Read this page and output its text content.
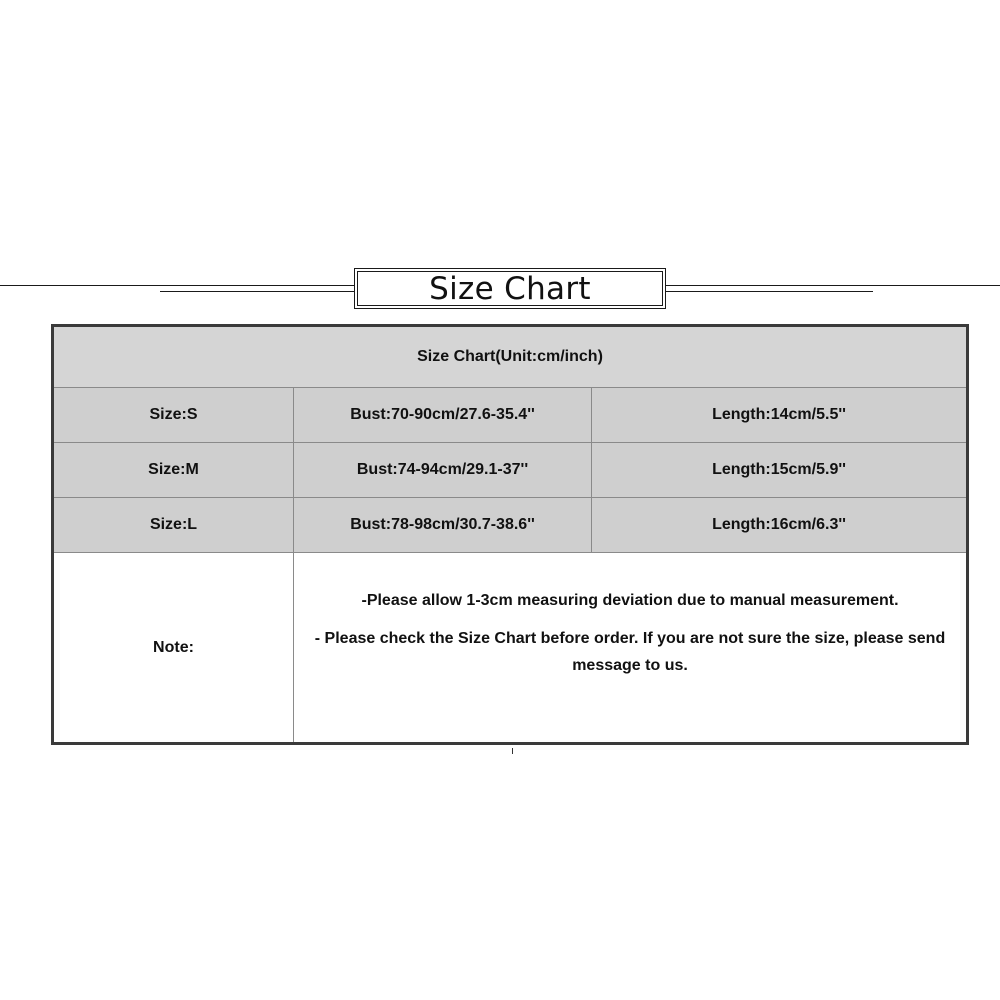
Size Chart
Size Chart(Unit:cm/inch)		
Size:S	Bust:70-90cm/27.6-35.4''	Length:14cm/5.5''
Size:M	Bust:74-94cm/29.1-37''	Length:15cm/5.9''
Size:L	Bust:78-98cm/30.7-38.6''	Length:16cm/6.3''
Note:	-Please allow 1-3cm measuring deviation due to manual measurement.

- Please check the Size Chart before order. If you are not sure the size, please send message to us.	
